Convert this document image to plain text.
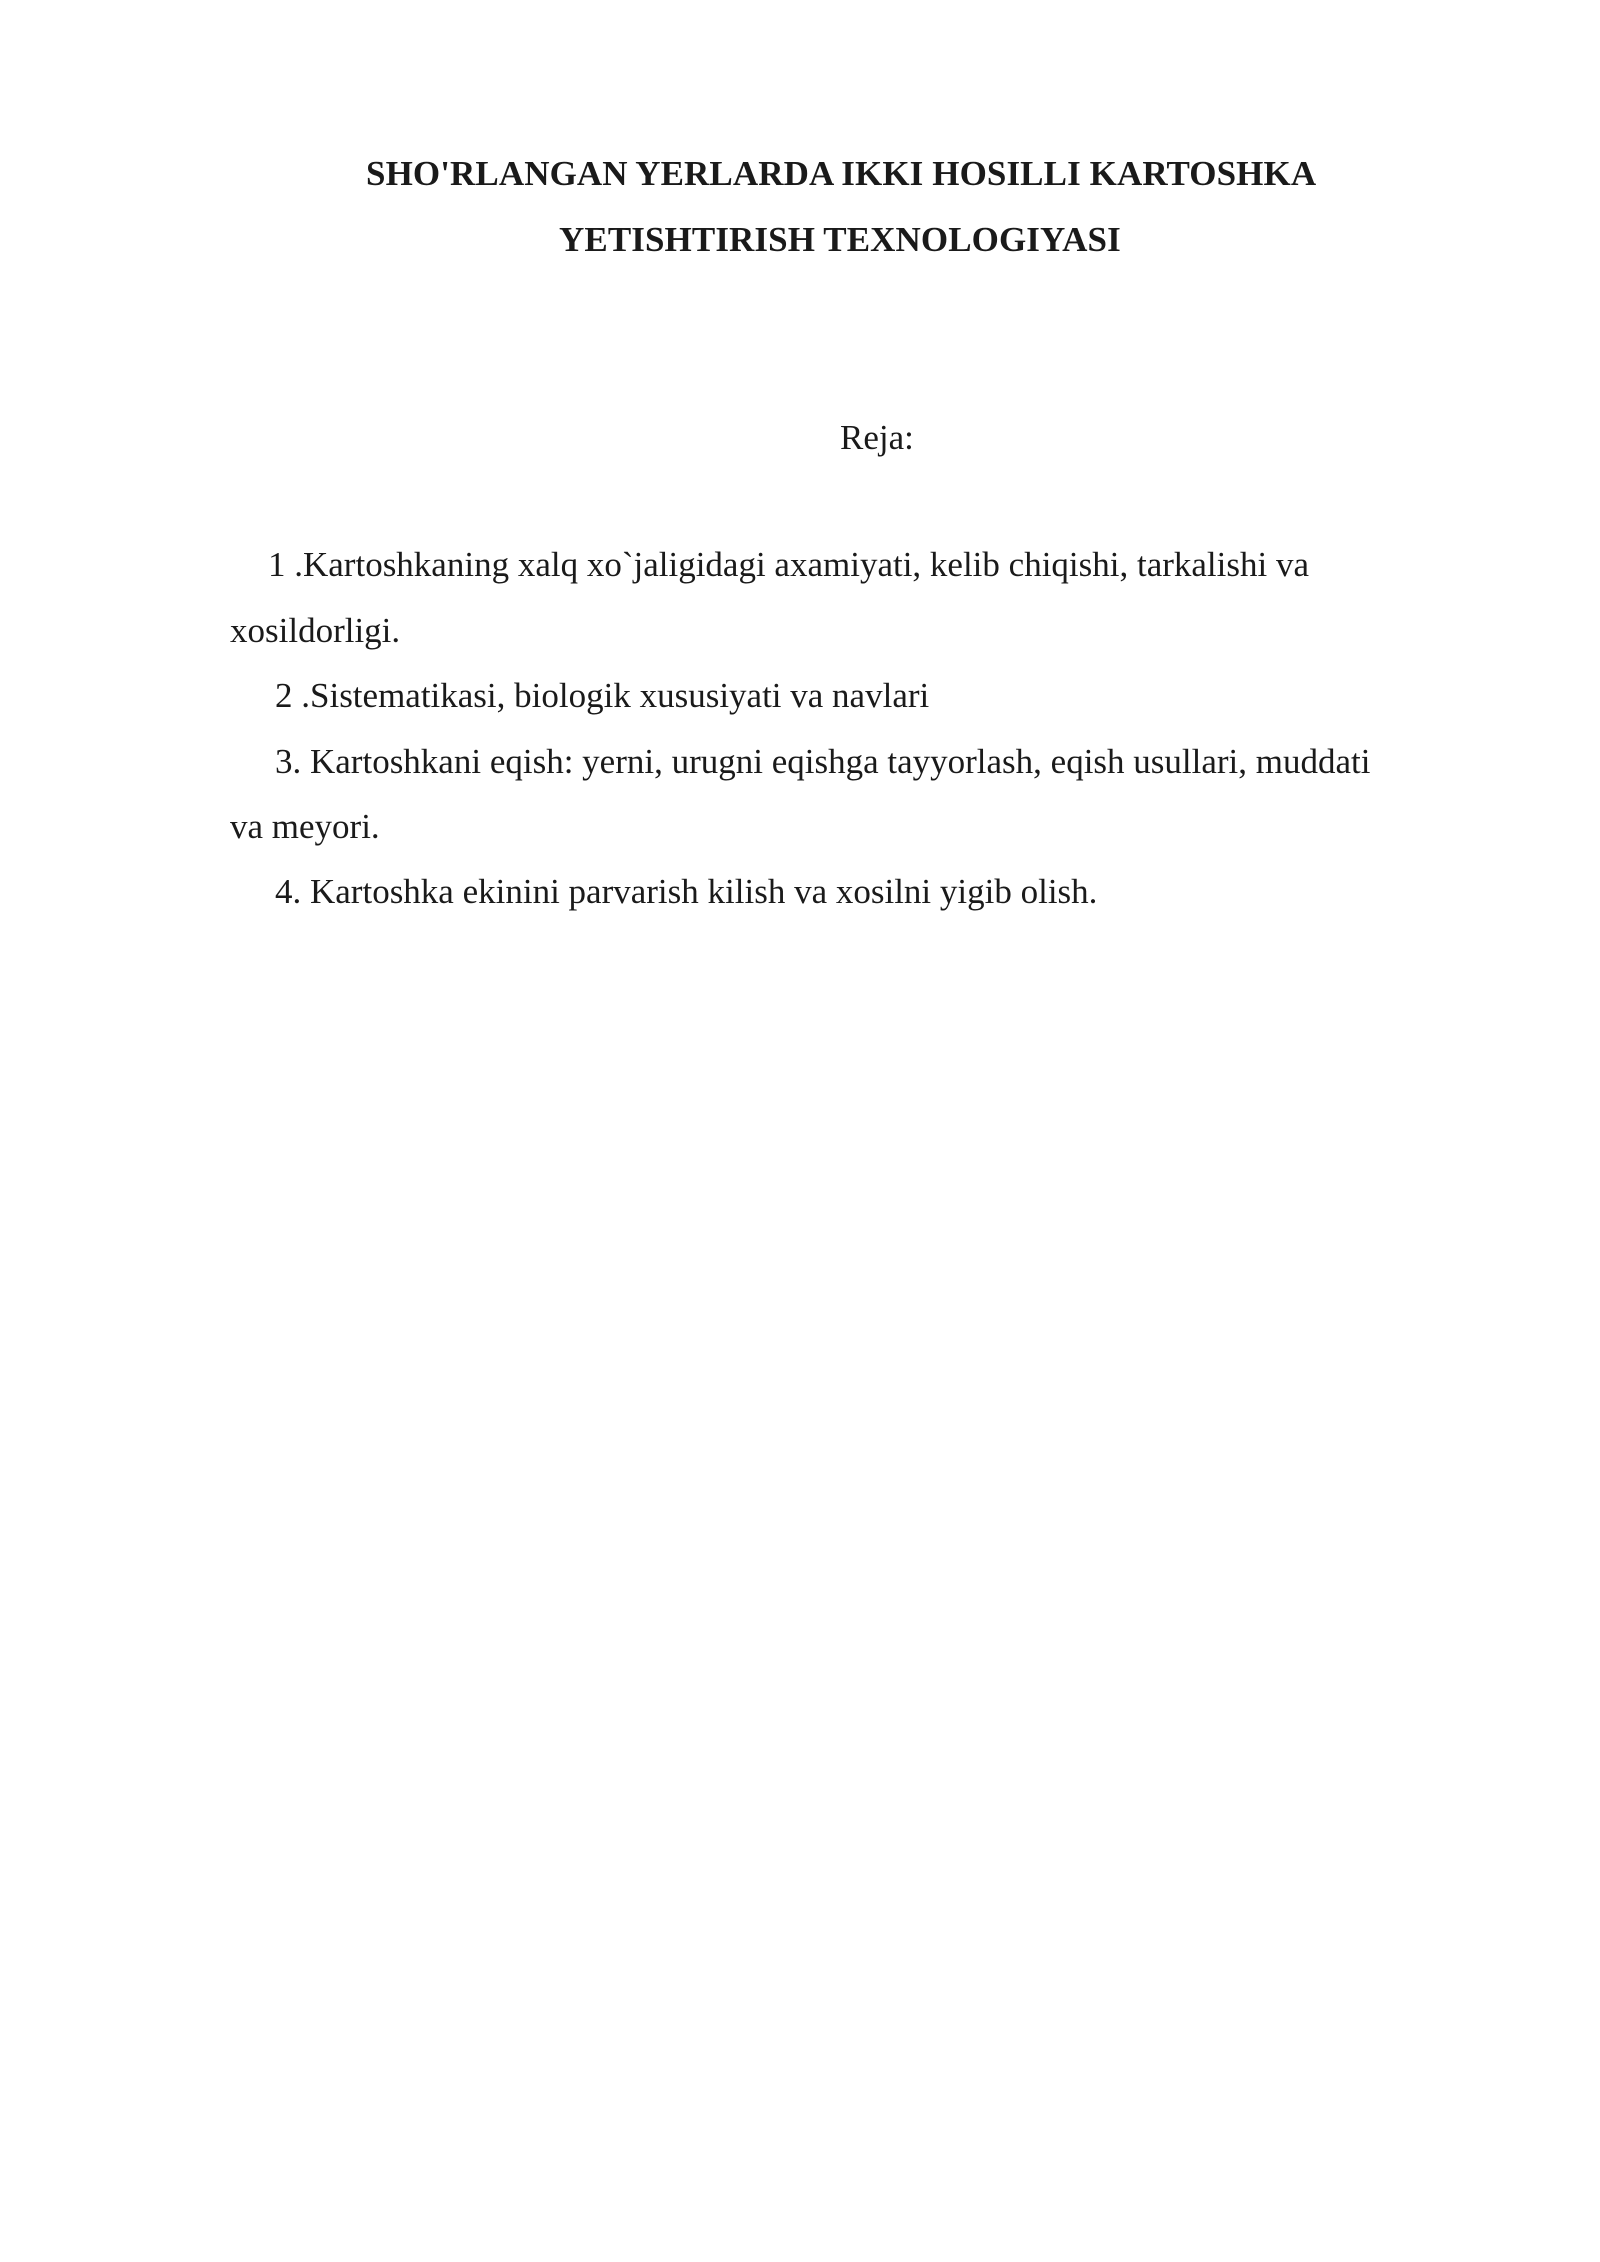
SHO'RLANGAN YERLARDA IKKI HOSILLI KARTOSHKA
YETISHTIRISH TEXNOLOGIYASI
Reja:
1 .Kartoshkaning xalq xo`jaligidagi axamiyati, kelib chiqishi, tarkalishi va
xosildorligi.
2 .Sistematikasi, biologik xususiyati va navlari
3. Kartoshkani eqish: yerni, urugni eqishga tayyorlash, eqish usullari, muddati
va meyori.
4. Kartoshka ekinini parvarish kilish va xosilni yigib olish.
